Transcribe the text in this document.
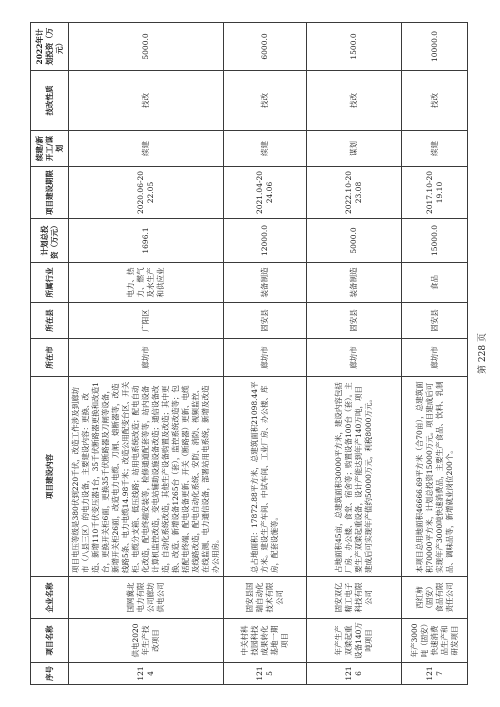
序号	项目名称	企业名称	项目建设内容	所在市	所在县	所属行业	计划总投资（万元）	项目建设期限	续建/新开工/谋划	技改性质	2022年计划投资（万元）
1214	供电2020年生产技改项目	国网冀北电力有限公司廊坊供电公司	项目电压等级是380伏到220千伏，改造工作涉及到廊坊市（八县三区）的电力设备，主要建设内容：更换、改造、新增110千伏变压器1台，35千伏断路器更换和改造1台，更换开关柜6面，更换35千伏断路器及刀闸等设备，新增开关柜26面，改造电力电缆、刀闸、熔断器等，改造线路5条、电力电缆14.98千米；改造公用配变台区、开关柜、电缆分支箱、低压线路；站用电系统改造；配电自动化改造，配电终端安装等，检修通道配套等等，站内设备计算机监控改造，变电站辅助设施设备改造；通信设备改造，自动化系统改造，其他生产设备购置及改造；其中更换、改造、新增设备1265台（套），监控系统改造等；包括配电终端、配电设备更新、开关（断路器）更新、电缆及线路改造，配电自动化系统、安防、消防、视频监控、在线监测、电力通信设备，部署站用电系统，新增及改造办公用房。	廊坊市	广阳区	电力、热力、燃气及水生产和供应业	1696.1	2020.06-2022.05	续建	技改	5000.0
1215	中关村科技园科技成果转化基地一期项目	固安县国瑞自动化技术有限公司	总占地面积：17872.88平方米，总建筑面积21098.44平方米。建设生产车间、中试车间、工业厂房、办公楼、库房，配套设施等。	廊坊市	固安县	装备制造	12000.0	2021.04-2024.06	续建	技改	6000.0
1216	年产生产双梁起重设备140万吨项目	固安双亿精工电子科技有限公司	占地面积45亩，总建筑面积30000平方米，建设内容包括厂房、办公楼、食堂、宿舍等；购置设备100台（套）。主要生产双梁起重设备，设计产能达到年产140万吨，项目建成后可实现年产值约50000万元，利税8000万元。	廊坊市	固安县	装备制造	5000.0	2022.10-2023.08	谋划	技改	1500.0
1217	年产3000吨（固安）快速消费品生产和研发项目	西红柿（固安）食品有限责任公司	本项目总用地面积46666.69平方米（合70亩），总建筑面积70000平方米，计划总投资15000万元。项目建成后可实现年产3000吨快速消费品，主要生产食品、饮料、乳制品、调味品等，新增就业岗位200个。	廊坊市	固安县	食品	15000.0	2017.10-2019.10	续建	技改	10000.0
第 228 页
